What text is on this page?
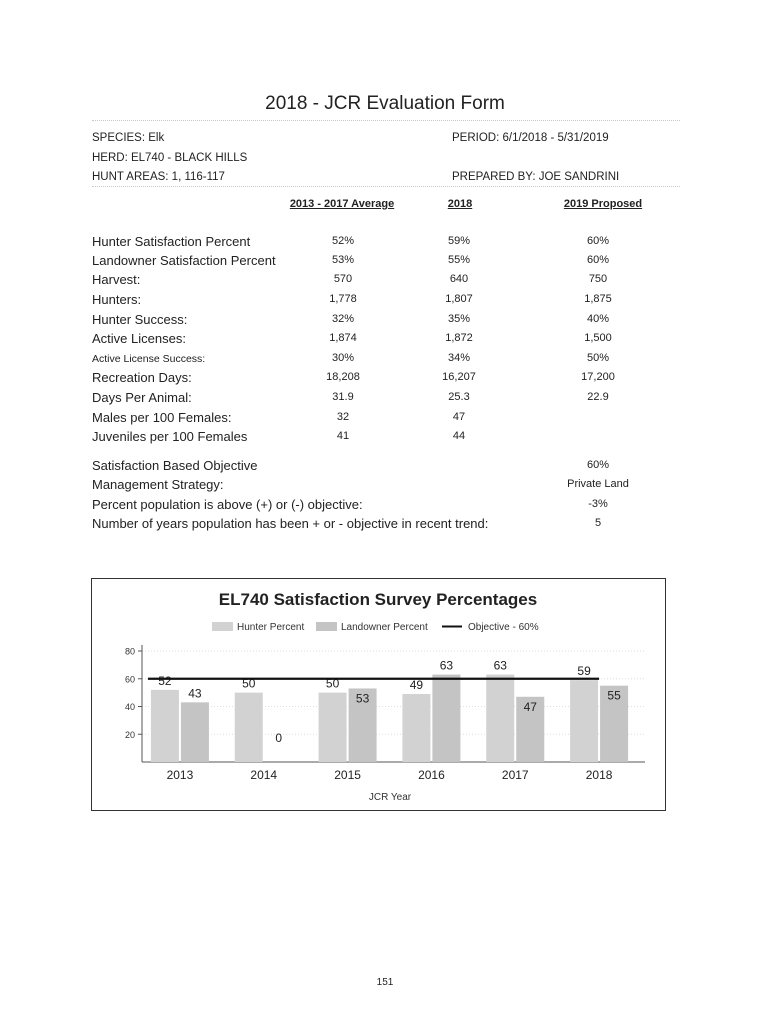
2018 - JCR Evaluation Form
SPECIES: Elk
HERD: EL740 - BLACK HILLS
HUNT AREAS: 1, 116-117
PERIOD: 6/1/2018 - 5/31/2019
PREPARED BY: JOE SANDRINI
2013 - 2017 Average	2018	2019 Proposed
Hunter Satisfaction Percent	52%	59%	60%
Landowner Satisfaction Percent	53%	55%	60%
Harvest:	570	640	750
Hunters:	1,778	1,807	1,875
Hunter Success:	32%	35%	40%
Active Licenses:	1,874	1,872	1,500
Active License Success:	30%	34%	50%
Recreation Days:	18,208	16,207	17,200
Days Per Animal:	31.9	25.3	22.9
Males per 100 Females:	32	47
Juveniles per 100 Females	41	44
Satisfaction Based Objective	60%
Management Strategy:	Private Land
Percent population is above (+) or (-) objective:	-3%
Number of years population has been + or - objective in recent trend:	5
EL740 Satisfaction Survey Percentages
Hunter Percent	Landowner Percent	Objective - 60%
20
40
60
80
52
43
2013
50
0
2014
50
53
2015
49
63
2016
63
47
2017
59
55
2018
JCR Year
151
